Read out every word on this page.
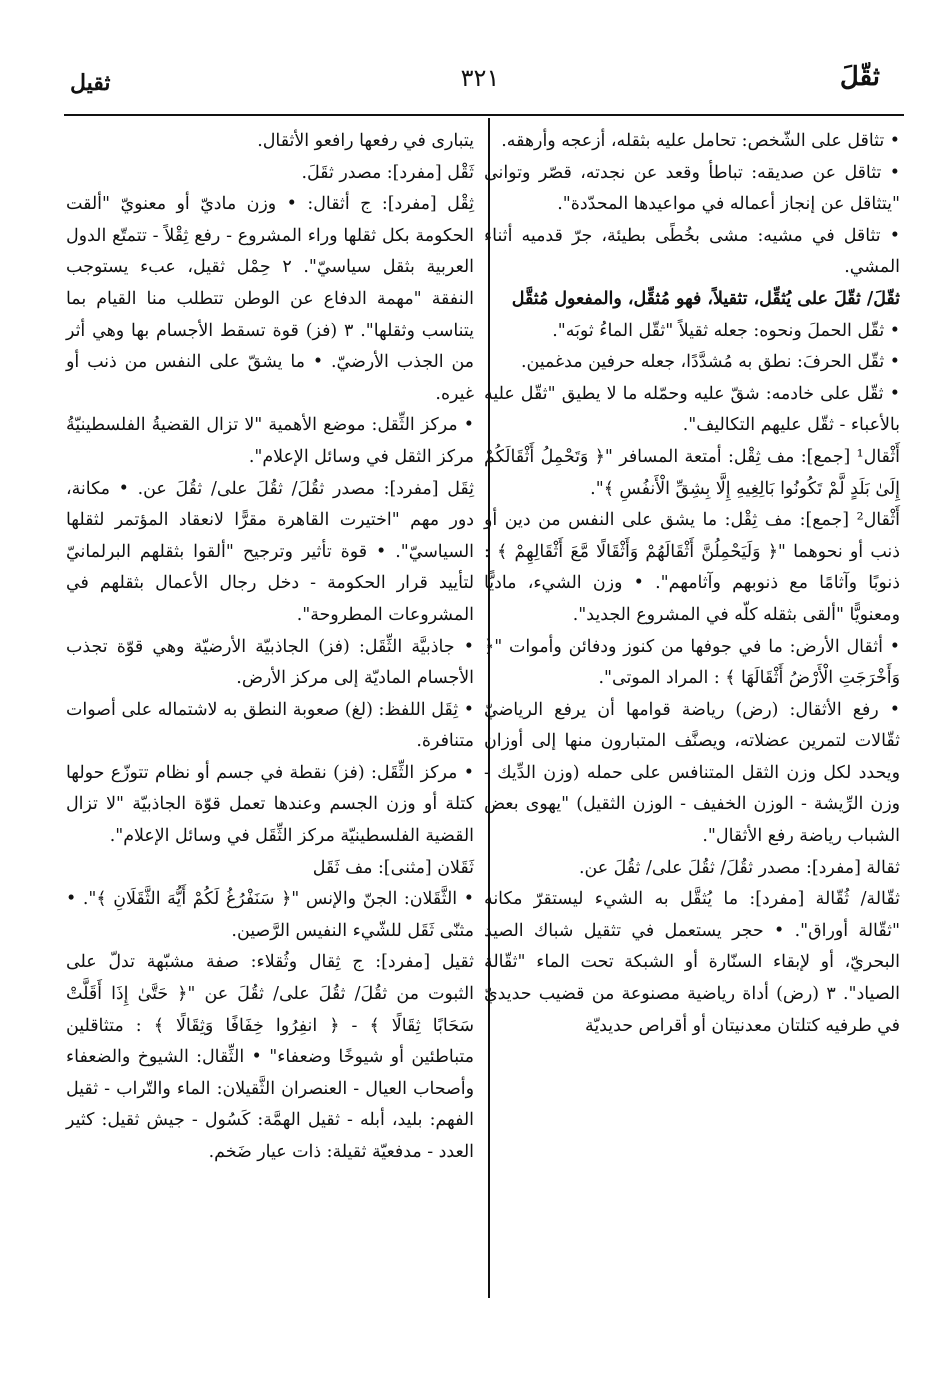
ثقّلَ
٣٢١
ثقيل

• تثاقل على الشّخص: تحامل عليه بثقله، أزعجه وأرهقه.

• تثاقل عن صديقه: تباطأ وقعد عن نجدته، قصّر وتوانى "يتثاقل عن إنجاز أعماله في مواعيدها المحدّدة".

• تثاقل في مشيه: مشى بخُطًى بطيئة، جرّ قدميه أثناء المشي.

ثقّلَ/ ثقّلَ على يُثقِّل، تثقيلاً، فهو مُثقِّل، والمفعول مُثقَّل

• ثقّل الحملَ ونحوه: جعله ثقيلاً "ثقّل الماءُ ثوبَه".

• ثقّل الحرفَ: نطق به مُشدَّدًا، جعله حرفين مدغمين.

• ثقّل على خادمه: شقّ عليه وحمّله ما لا يطيق "ثقّل عليه بالأعباء - ثقّل عليهم التكاليف".

أَثْقال¹ [جمع]: مف ثِقْل: أمتعة المسافر "﴿ وَتَحْمِلُ أَثْقَالَكُمْ إِلَىٰ بَلَدٍ لَّمْ تَكُونُوا بَالِغِيهِ إِلَّا بِشِقِّ الْأَنفُسِ ﴾".

أَثْقال² [جمع]: مف ثِقْل: ما يشق على النفس من دين أو ذنب أو نحوهما "﴿ وَلَيَحْمِلُنَّ أَثْقَالَهُمْ وَأَثْقَالًا مَّعَ أَثْقَالِهِمْ ﴾ : ذنوبًا وآثامًا مع ذنوبهم وآثامهم". • وزن الشيء، ماديًّا ومعنويًّا "ألقى بثقله كلّه في المشروع الجديد".

• أثقال الأرض: ما في جوفها من كنوز ودفائن وأموات "﴿ وَأَخْرَجَتِ الْأَرْضُ أَثْقَالَهَا ﴾ : المراد الموتى".

• رفع الأثقال: (رض) رياضة قوامها أن يرفع الرياضيّ ثقّالات لتمرين عضلاته، ويصنَّف المتبارون منها إلى أوزان ويحدد لكل وزن الثقل المتنافس على حمله (وزن الدِّيك - وزن الرِّيشة - الوزن الخفيف - الوزن الثقيل) "يهوى بعض الشباب رياضة رفع الأثقال".

ثقالة [مفرد]: مصدر ثقُلَ/ ثقُلَ على/ ثقُلَ عن.

ثقّالة/ ثُقّالة [مفرد]: ما يُثقَّل به الشيء ليستقرّ مكانه "ثقّالة أوراق". • حجر يستعمل في تثقيل شباك الصيد البحريّ، أو لإبقاء السنّارة أو الشبكة تحت الماء "ثقّالة الصياد". ٣ (رض) أداة رياضية مصنوعة من قضيب حديديّ في طرفيه كتلتان معدنيتان أو أقراص حديديّة

يتبارى في رفعها رافعو الأثقال.

ثَقْل [مفرد]: مصدر ثقَلَ.

ثِقْل [مفرد]: ج أثقال: • وزن ماديّ أو معنويّ "ألقت الحكومة بكل ثقلها وراء المشروع - رفع ثِقْلاً - تتمتّع الدول العربية بثقل سياسيّ". ٢ حِمْل ثقيل، عبء يستوجب النفقة "مهمة الدفاع عن الوطن تتطلب منا القيام بما يتناسب وثقلها". ٣ (فز) قوة تسقط الأجسام بها وهي أثر من الجذب الأرضيّ. • ما يشقّ على النفس من ذنب أو غيره.

• مركز الثِّقل: موضع الأهمية "لا تزال القضيةُ الفلسطينيّةُ مركز الثقل في وسائل الإعلام".

ثِقَل [مفرد]: مصدر ثقُلَ/ ثقُلَ على/ ثقُلَ عن. • مكانة، دور مهم "اختيرت القاهرة مقرًّا لانعقاد المؤتمر لثقلها السياسيّ". • قوة تأثير وترجيح "ألقوا بثقلهم البرلمانيّ لتأييد قرار الحكومة - دخل رجال الأعمال بثقلهم في المشروعات المطروحة".

• جاذبيَّة الثِّقَل: (فز) الجاذبيّة الأرضيّة وهي قوّة تجذب الأجسام الماديّة إلى مركز الأرض.

• ثِقَل اللفظ: (لغ) صعوبة النطق به لاشتماله على أصوات متنافرة.

• مركز الثِّقَل: (فز) نقطة في جسم أو نظام تتوزّع حولها كتلة أو وزن الجسم وعندها تعمل قوّة الجاذبيّة "لا تزال القضية الفلسطينيّة مركز الثِّقَل في وسائل الإعلام".

ثَقَلان [مثنى]: مف ثَقَل

• الثَّقَلان: الجنّ والإنس "﴿ سَنَفْرُغُ لَكُمْ أَيُّهَ الثَّقَلَانِ ﴾". • مثنّى ثَقَل للشّيء النفيس الرَّصين.

ثقيل [مفرد]: ج ثِقال وثُقلاء: صفة مشبّهة تدلّ على الثبوت من ثقُلَ/ ثقُلَ على/ ثقُلَ عن "﴿ حَتَّىٰ إِذَا أَقَلَّتْ سَحَابًا ثِقَالًا ﴾ - ﴿ انفِرُوا خِفَافًا وَثِقَالًا ﴾ : متثاقلين متباطئين أو شيوخًا وضعفاء" • الثِّقال: الشيوخ والضعفاء وأصحاب العيال - العنصران الثَّقيلان: الماء والتّراب - ثقيل الفهم: بليد، أبله - ثقيل الهمَّة: كَسُول - جيش ثقيل: كثير العدد - مدفعيّة ثقيلة: ذات عيار ضَخم.
